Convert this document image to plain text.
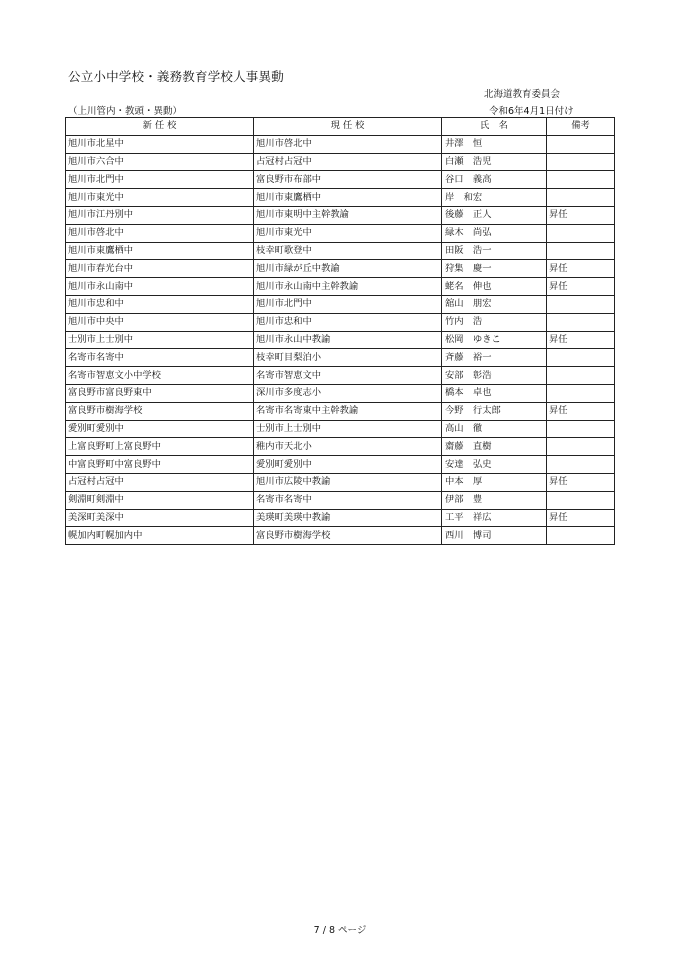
公立小中学校・義務教育学校人事異動
北海道教育委員会
（上川管内・教頭・異動）	令和6年4月1日付け
新 任 校	現 任 校	氏　名	備考
旭川市北星中	旭川市啓北中	井澤　恒	
旭川市六合中	占冠村占冠中	白瀬　浩児	
旭川市北門中	富良野市布部中	谷口　義高	
旭川市東光中	旭川市東鷹栖中	岸　和宏	
旭川市江丹別中	旭川市東明中主幹教諭	後藤　正人	昇任
旭川市啓北中	旭川市東光中	緑木　尚弘	
旭川市東鷹栖中	枝幸町歌登中	田阪　浩一	
旭川市春光台中	旭川市緑が丘中教諭	狩集　慶一	昇任
旭川市永山南中	旭川市永山南中主幹教諭	蛯名　伸也	昇任
旭川市忠和中	旭川市北門中	舘山　朋宏	
旭川市中央中	旭川市忠和中	竹内　浩	
士別市上士別中	旭川市永山中教諭	松岡　ゆきこ	昇任
名寄市名寄中	枝幸町目梨泊小	斉藤　裕一	
名寄市智恵文小中学校	名寄市智恵文中	安部　彰浩	
富良野市富良野東中	深川市多度志小	橋本　卓也	
富良野市樹海学校	名寄市名寄東中主幹教諭	今野　行太郎	昇任
愛別町愛別中	士別市上士別中	高山　徹	
上富良野町上富良野中	稚内市天北小	齋藤　直樹	
中富良野町中富良野中	愛別町愛別中	安達　弘史	
占冠村占冠中	旭川市広陵中教諭	中本　厚	昇任
剣淵町剣淵中	名寄市名寄中	伊部　豊	
美深町美深中	美瑛町美瑛中教諭	工平　祥広	昇任
幌加内町幌加内中	富良野市樹海学校	西川　博司	
7 / 8 ページ
